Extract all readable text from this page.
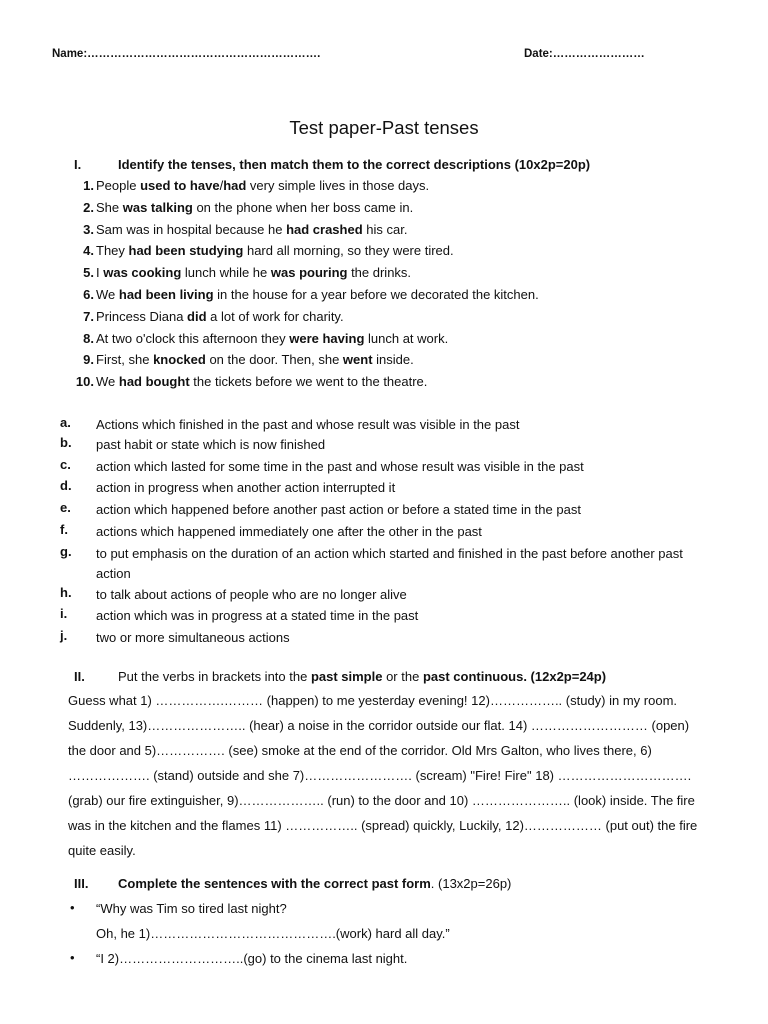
Name:…………………………………………………….	Date:……………………
Test paper-Past tenses
I.	Identify the tenses, then match them to the correct descriptions (10x2p=20p)
1. People used to have/had very simple lives in those days.
2. She was talking on the phone when her boss came in.
3. Sam was in hospital because he had crashed his car.
4. They had been studying hard all morning, so they were tired.
5. I was cooking lunch while he was pouring the drinks.
6. We had been living in the house for a year before we decorated the kitchen.
7. Princess Diana did a lot of work for charity.
8. At two o'clock this afternoon they were having lunch at work.
9. First, she knocked on the door. Then, she went inside.
10. We had bought the tickets before we went to the theatre.
a.	Actions which finished in the past and whose result was visible in the past
b.	past habit or state which is now finished
c.	action which lasted for some time in the past and whose result was visible in the past
d.	action in progress when another action interrupted it
e.	action which happened before another past action or before a stated time in the past
f.	actions which happened immediately one after the other in the past
g.	to put emphasis on the duration of an action which started and finished in the past before another past action
h.	to talk about actions of people who are no longer alive
i.	action which was in progress at a stated time in the past
j.	two or more simultaneous actions
II.	Put the verbs in brackets into the past simple or the past continuous. (12x2p=24p)
Guess what 1) …………….……… (happen) to me yesterday evening! 12)…………….. (study) in my room. Suddenly, 13)………………….. (hear) a noise in the corridor outside our flat. 14) ……………………… (open) the door and 5)……………. (see) smoke at the end of the corridor. Old Mrs Galton, who lives there, 6) ………………. (stand) outside and she 7)……………………. (scream) "Fire! Fire" 18) …………………………. (grab) our fire extinguisher, 9)……………….. (run) to the door and 10) ………………….. (look) inside. The fire was in the kitchen and the flames 11) …………….. (spread) quickly, Luckily, 12)……………… (put out) the fire quite easily.
III. Complete the sentences with the correct past form. (13x2p=26p)
• “Why was Tim so tired last night?
Oh, he 1)…………………………………….(work) hard all day.”
• “I 2)………………………..(go) to the cinema last night.
